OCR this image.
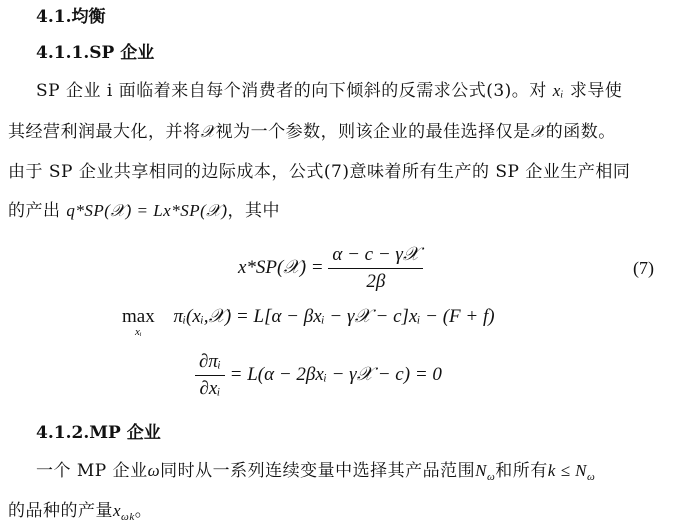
4.1.均衡
4.1.1.SP 企业
SP 企业 i 面临着来自每个消费者的向下倾斜的反需求公式(3)。对 xᵢ 求导使
其经营利润最大化，并将𝒳视为一个参数，则该企业的最佳选择仅是𝒳的函数。
由于 SP 企业共享相同的边际成本，公式(7)意味着所有生产的 SP 企业生产相同
的产出 q*SP(𝒳) = Lx*SP(𝒳)，其中
x*SP(𝒳) = $\frac{\text{α − c − γ𝒳}}{2\beta}$	(7)
max
xᵢ
πᵢ(xᵢ,𝒳) = L[α − βxᵢ − γ𝒳 − c]xᵢ − (F + f)
$\frac{\text{∂πᵢ}}{\text{∂xᵢ}} = L(\alpha$ − 2βxᵢ − γ𝒳 − c) = 0
4.1.2.MP 企业
一个 MP 企业ω同时从一系列连续变量中选择其产品范围$N_\omega$和所有$k \le N_\omega$
的品种的产量$x_{\omega k}$。
